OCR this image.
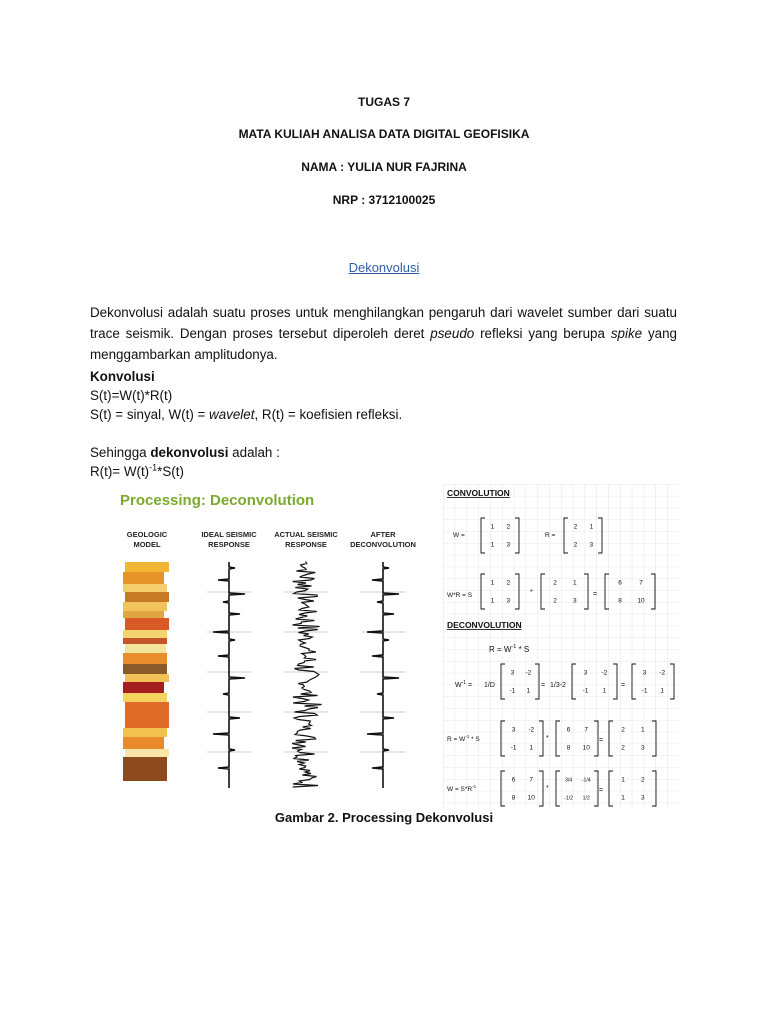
TUGAS 7
MATA KULIAH ANALISA DATA DIGITAL GEOFISIKA
NAMA : YULIA NUR FAJRINA
NRP : 3712100025
Dekonvolusi
Dekonvolusi adalah suatu proses untuk menghilangkan pengaruh dari wavelet sumber dari suatu trace seismik. Dengan proses tersebut diperoleh deret pseudo refleksi yang berupa spike yang menggambarkan amplitudonya.
Konvolusi
S(t)=W(t)*R(t)
S(t) = sinyal, W(t) = wavelet, R(t) = koefisien refleksi.
Sehingga dekonvolusi adalah :
$R(t)= W(t)^{-1}*S(t)$
Processing: Deconvolution
GEOLOGIC
MODEL
IDEAL SEISMIC
RESPONSE
ACTUAL SEISMIC
RESPONSE
AFTER
DECONVOLUTION
CONVOLUTION
W =	R =
W*R = S	*	=
DECONVOLUTION
$R = W^{-1} * S$
$W^{-1} = 1/D$	= 1/3-2	=
$R = W^{-1} * S$	*	=
$W = S*R^{-1}$	*	=
1 2
1 3
2 1
2 3
1 2
1 3
2 1
2 3
6	7
8 10
3 -2
-1 1
3 -2
-1 1
3 -2
-1 1
3 -2
-1 1
6 7
8 10
2 1
2 3
6 7
8 10
3/4 -1/4
-1/2 1/2
1 2
1 3
Gambar 2. Processing Dekonvolusi
